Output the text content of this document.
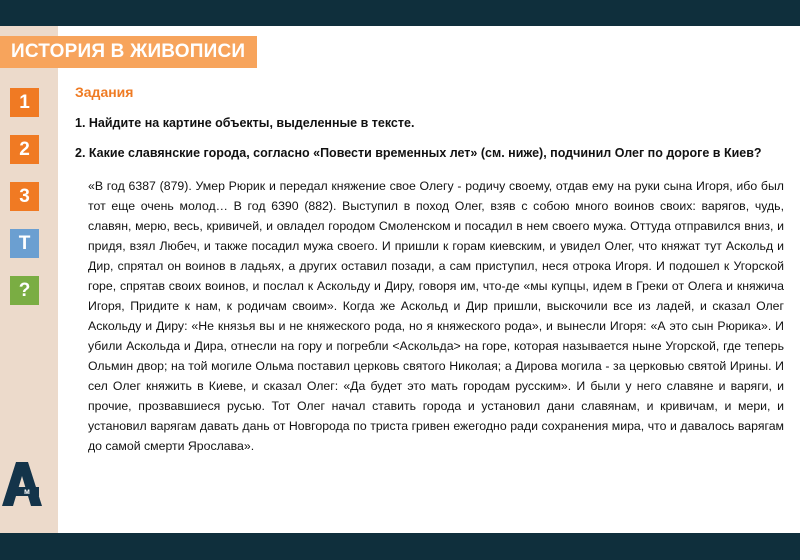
ИСТОРИЯ В ЖИВОПИСИ
1
2
3
T
?
м
Задания
1. Найдите на картине объекты, выделенные в тексте.
2. Какие славянские города, согласно «Повести временных лет» (см. ниже), подчинил Олег по дороге в Киев?
«В год 6387 (879). Умер Рюрик и передал княжение свое Олегу - родичу своему, отдав ему на руки сына Игоря, ибо был тот еще очень молод… В год 6390 (882). Выступил в поход Олег, взяв с собою много воинов своих: варягов, чудь, славян, мерю, весь, кривичей, и овладел городом Смоленском и посадил в нем своего мужа. Оттуда отправился вниз, и придя, взял Любеч, и также посадил мужа своего. И пришли к горам киевским, и увидел Олег, что княжат тут Аскольд и Дир, спрятал он воинов в ладьях, а других оставил позади, а сам приступил, неся отрока Игоря. И подошел к Угорской горе, спрятав своих воинов, и послал к Аскольду и Диру, говоря им, что-де «мы купцы, идем в Греки от Олега и княжича Игоря, Придите к нам, к родичам своим». Когда же Аскольд и Дир пришли, выскочили все из ладей, и сказал Олег Аскольду и Диру: «Не князья вы и не княжеского рода, но я княжеского рода», и вынесли Игоря: «А это сын Рюрика». И убили Аскольда и Дира, отнесли на гору и погребли <Аскольда> на горе, которая называется ныне Угорской, где теперь Ольмин двор; на той могиле Ольма поставил церковь святого Николая; а Дирова могила - за церковью святой Ирины. И сел Олег княжить в Киеве, и сказал Олег: «Да будет это мать городам русским». И были у него славяне и варяги, и прочие, прозвавшиеся русью. Тот Олег начал ставить города и установил дани славянам, и кривичам, и мери, и установил варягам давать дань от Новгорода по триста гривен ежегодно ради сохранения мира, что и давалось варягам до самой смерти Ярослава».
